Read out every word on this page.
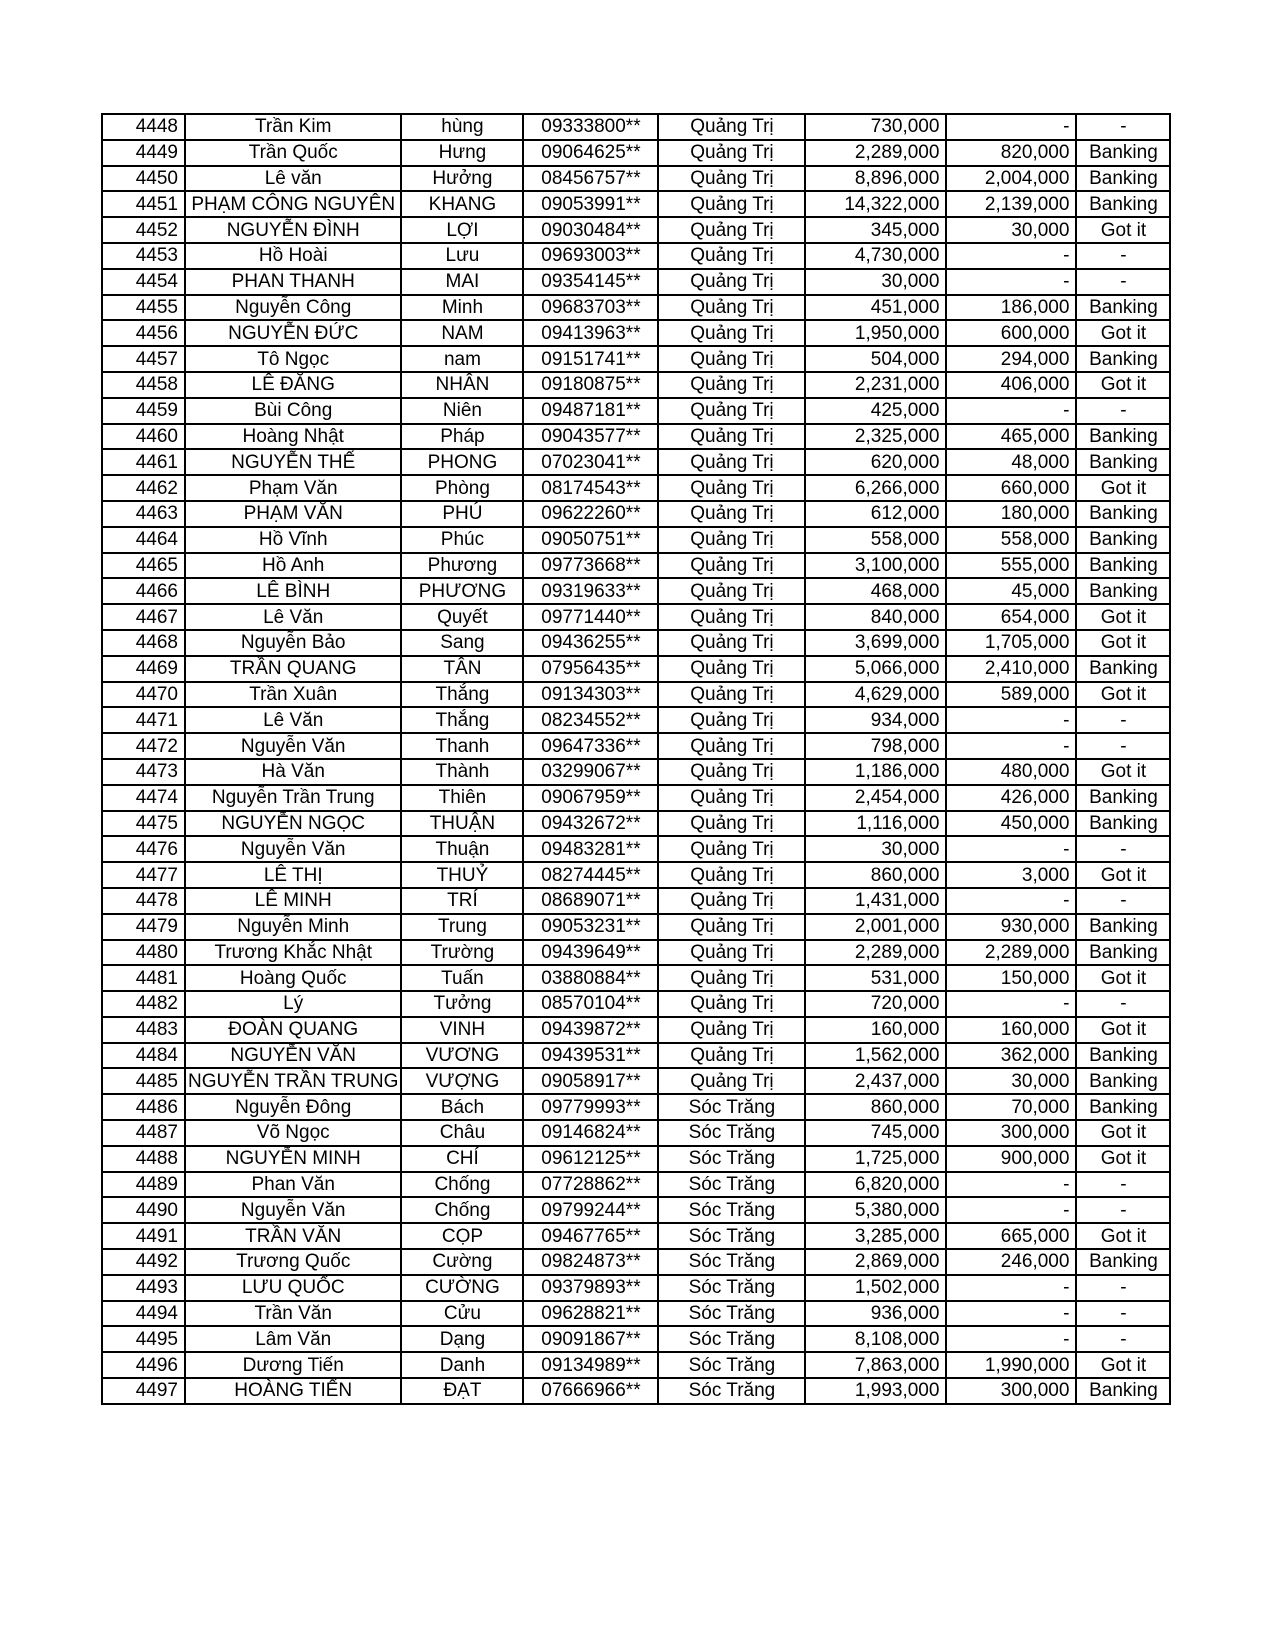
4448	Trần Kim	hùng	09333800**	Quảng Trị	730,000	-	-
4449	Trần Quốc	Hưng	09064625**	Quảng Trị	2,289,000	820,000	Banking
4450	Lê văn	Hưởng	08456757**	Quảng Trị	8,896,000	2,004,000	Banking
4451	PHẠM CÔNG NGUYÊN	KHANG	09053991**	Quảng Trị	14,322,000	2,139,000	Banking
4452	NGUYỄN ĐÌNH	LỢI	09030484**	Quảng Trị	345,000	30,000	Got it
4453	Hồ Hoài	Lưu	09693003**	Quảng Trị	4,730,000	-	-
4454	PHAN THANH	MAI	09354145**	Quảng Trị	30,000	-	-
4455	Nguyễn Công	Minh	09683703**	Quảng Trị	451,000	186,000	Banking
4456	NGUYỄN ĐỨC	NAM	09413963**	Quảng Trị	1,950,000	600,000	Got it
4457	Tô Ngọc	nam	09151741**	Quảng Trị	504,000	294,000	Banking
4458	LÊ ĐĂNG	NHÂN	09180875**	Quảng Trị	2,231,000	406,000	Got it
4459	Bùi Công	Niên	09487181**	Quảng Trị	425,000	-	-
4460	Hoàng Nhật	Pháp	09043577**	Quảng Trị	2,325,000	465,000	Banking
4461	NGUYỄN THẾ	PHONG	07023041**	Quảng Trị	620,000	48,000	Banking
4462	Phạm Văn	Phòng	08174543**	Quảng Trị	6,266,000	660,000	Got it
4463	PHẠM VĂN	PHÚ	09622260**	Quảng Trị	612,000	180,000	Banking
4464	Hồ Vĩnh	Phúc	09050751**	Quảng Trị	558,000	558,000	Banking
4465	Hồ Anh	Phương	09773668**	Quảng Trị	3,100,000	555,000	Banking
4466	LÊ BÌNH	PHƯƠNG	09319633**	Quảng Trị	468,000	45,000	Banking
4467	Lê Văn	Quyết	09771440**	Quảng Trị	840,000	654,000	Got it
4468	Nguyễn Bảo	Sang	09436255**	Quảng Trị	3,699,000	1,705,000	Got it
4469	TRẦN QUANG	TÂN	07956435**	Quảng Trị	5,066,000	2,410,000	Banking
4470	Trần Xuân	Thắng	09134303**	Quảng Trị	4,629,000	589,000	Got it
4471	Lê Văn	Thắng	08234552**	Quảng Trị	934,000	-	-
4472	Nguyễn Văn	Thanh	09647336**	Quảng Trị	798,000	-	-
4473	Hà Văn	Thành	03299067**	Quảng Trị	1,186,000	480,000	Got it
4474	Nguyễn Trần Trung	Thiên	09067959**	Quảng Trị	2,454,000	426,000	Banking
4475	NGUYỄN NGỌC	THUẬN	09432672**	Quảng Trị	1,116,000	450,000	Banking
4476	Nguyễn Văn	Thuận	09483281**	Quảng Trị	30,000	-	-
4477	LÊ THỊ	THUỶ	08274445**	Quảng Trị	860,000	3,000	Got it
4478	LÊ MINH	TRÍ	08689071**	Quảng Trị	1,431,000	-	-
4479	Nguyễn Minh	Trung	09053231**	Quảng Trị	2,001,000	930,000	Banking
4480	Trương Khắc Nhật	Trường	09439649**	Quảng Trị	2,289,000	2,289,000	Banking
4481	Hoàng Quốc	Tuấn	03880884**	Quảng Trị	531,000	150,000	Got it
4482	Lý	Tưởng	08570104**	Quảng Trị	720,000	-	-
4483	ĐOÀN QUANG	VINH	09439872**	Quảng Trị	160,000	160,000	Got it
4484	NGUYỄN VĂN	VƯƠNG	09439531**	Quảng Trị	1,562,000	362,000	Banking
4485	NGUYỄN TRẦN TRUNG	VƯỢNG	09058917**	Quảng Trị	2,437,000	30,000	Banking
4486	Nguyễn Đông	Bách	09779993**	Sóc Trăng	860,000	70,000	Banking
4487	Võ Ngọc	Châu	09146824**	Sóc Trăng	745,000	300,000	Got it
4488	NGUYỄN MINH	CHÍ	09612125**	Sóc Trăng	1,725,000	900,000	Got it
4489	Phan Văn	Chống	07728862**	Sóc Trăng	6,820,000	-	-
4490	Nguyễn Văn	Chống	09799244**	Sóc Trăng	5,380,000	-	-
4491	TRẦN VĂN	CỌP	09467765**	Sóc Trăng	3,285,000	665,000	Got it
4492	Trương Quốc	Cường	09824873**	Sóc Trăng	2,869,000	246,000	Banking
4493	LƯU QUỐC	CƯỜNG	09379893**	Sóc Trăng	1,502,000	-	-
4494	Trần Văn	Cửu	09628821**	Sóc Trăng	936,000	-	-
4495	Lâm Văn	Dạng	09091867**	Sóc Trăng	8,108,000	-	-
4496	Dương Tiến	Danh	09134989**	Sóc Trăng	7,863,000	1,990,000	Got it
4497	HOÀNG TIẾN	ĐẠT	07666966**	Sóc Trăng	1,993,000	300,000	Banking
